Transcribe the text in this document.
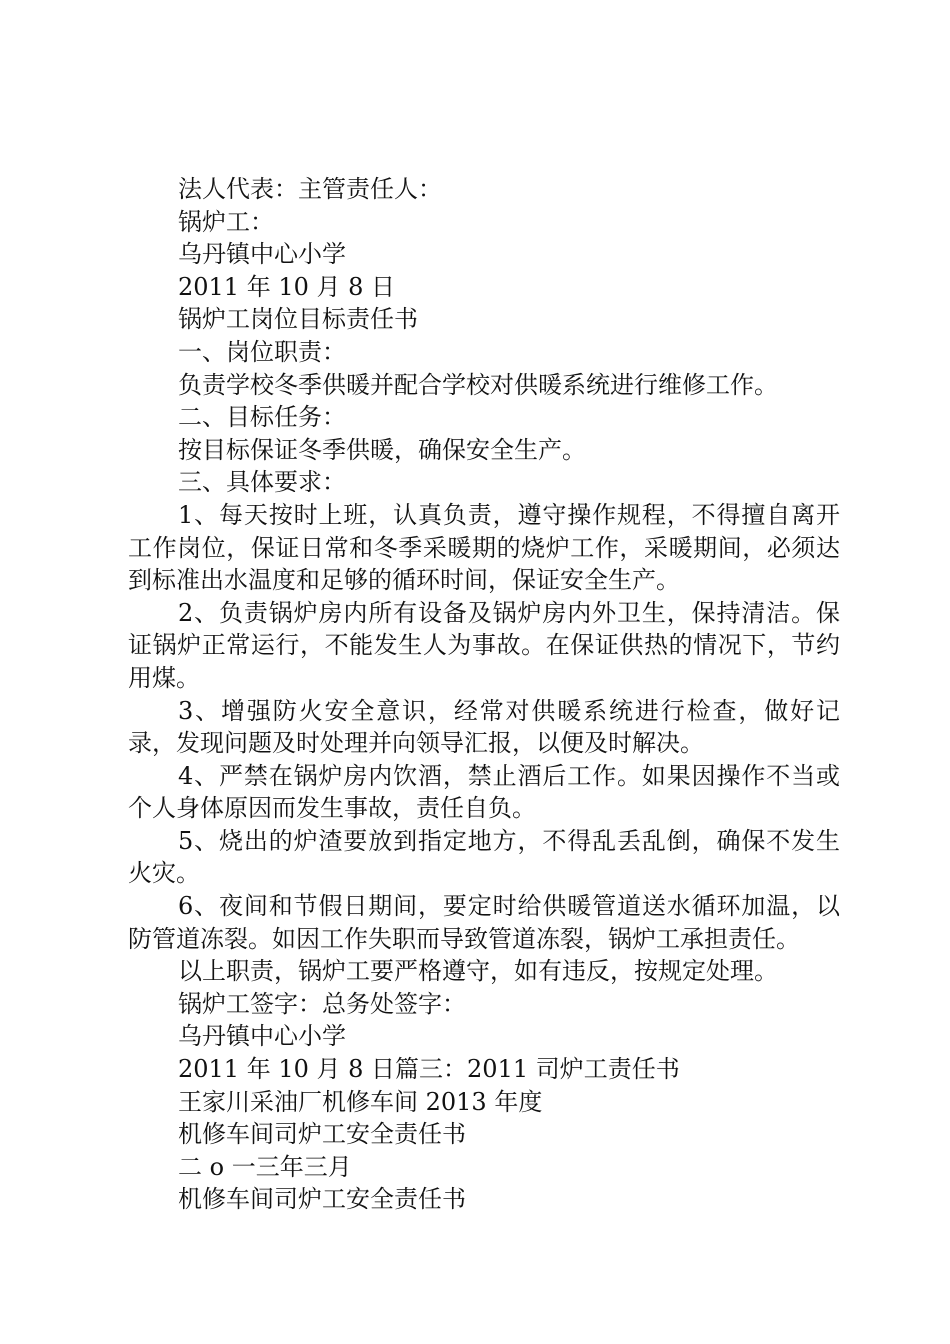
法人代表：主管责任人：

锅炉工：

乌丹镇中心小学

2011 年 10 月 8 日

锅炉工岗位目标责任书

一、岗位职责：

负责学校冬季供暖并配合学校对供暖系统进行维修工作。

二、目标任务：

按目标保证冬季供暖，确保安全生产。

三、具体要求：

1、每天按时上班，认真负责，遵守操作规程，不得擅自离开工作岗位，保证日常和冬季采暖期的烧炉工作，采暖期间，必须达到标准出水温度和足够的循环时间，保证安全生产。

2、负责锅炉房内所有设备及锅炉房内外卫生，保持清洁。保证锅炉正常运行，不能发生人为事故。在保证供热的情况下，节约用煤。

3、增强防火安全意识，经常对供暖系统进行检查，做好记录，发现问题及时处理并向领导汇报，以便及时解决。

4、严禁在锅炉房内饮酒，禁止酒后工作。如果因操作不当或个人身体原因而发生事故，责任自负。

5、烧出的炉渣要放到指定地方，不得乱丢乱倒，确保不发生火灾。

6、夜间和节假日期间，要定时给供暖管道送水循环加温，以防管道冻裂。如因工作失职而导致管道冻裂，锅炉工承担责任。

以上职责，锅炉工要严格遵守，如有违反，按规定处理。

锅炉工签字：总务处签字：

乌丹镇中心小学

2011 年 10 月 8 日篇三：2011 司炉工责任书

王家川采油厂机修车间 2013 年度

机修车间司炉工安全责任书

二 o 一三年三月

机修车间司炉工安全责任书
